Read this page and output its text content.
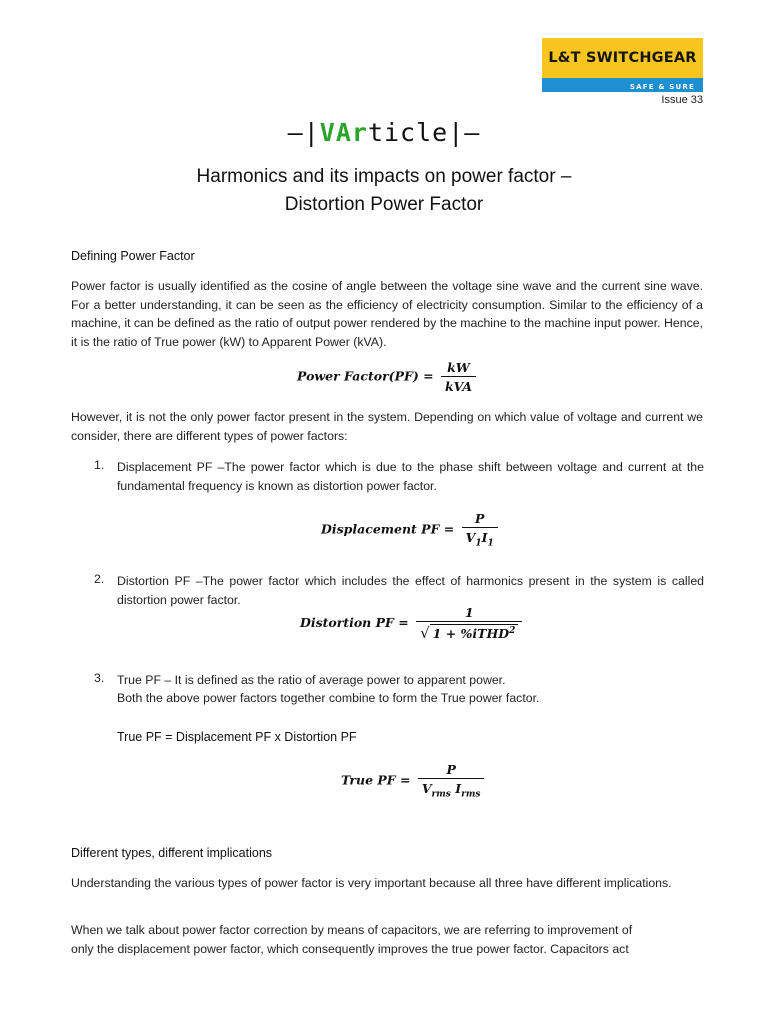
L&T SWITCHGEAR
SAFE & SURE
Issue 33
–|VArticle|–
Harmonics and its impacts on power factor –
Distortion Power Factor
Defining Power Factor
Power factor is usually identified as the cosine of angle between the voltage sine wave and the current sine wave. For a better understanding, it can be seen as the efficiency of electricity consumption. Similar to the efficiency of a machine, it can be defined as the ratio of output power rendered by the machine to the machine input power. Hence, it is the ratio of True power (kW) to Apparent Power (kVA).
Power Factor(PF) = $\frac{kW}{\text{kVA}}$
However, it is not the only power factor present in the system. Depending on which value of voltage and current we consider, there are different types of power factors:
1. Displacement PF –The power factor which is due to the phase shift between voltage and current at the fundamental frequency is known as distortion power factor.
Displacement PF = $\frac{P}{V_1I_1}$
2. Distortion PF –The power factor which includes the effect of harmonics present in the system is called distortion power factor.
Distortion PF = $\frac{1}{√ 1 + \%iTHD^2}$
3. True PF – It is defined as the ratio of average power to apparent power.
Both the above power factors together combine to form the True power factor.
True PF = Displacement PF x Distortion PF
True PF = $\frac{P}{V_{rms} I_{rms}}$
Different types, different implications
Understanding the various types of power factor is very important because all three have different implications.
When we talk about power factor correction by means of capacitors, we are referring to improvement of
only the displacement power factor, which consequently improves the true power factor. Capacitors act
